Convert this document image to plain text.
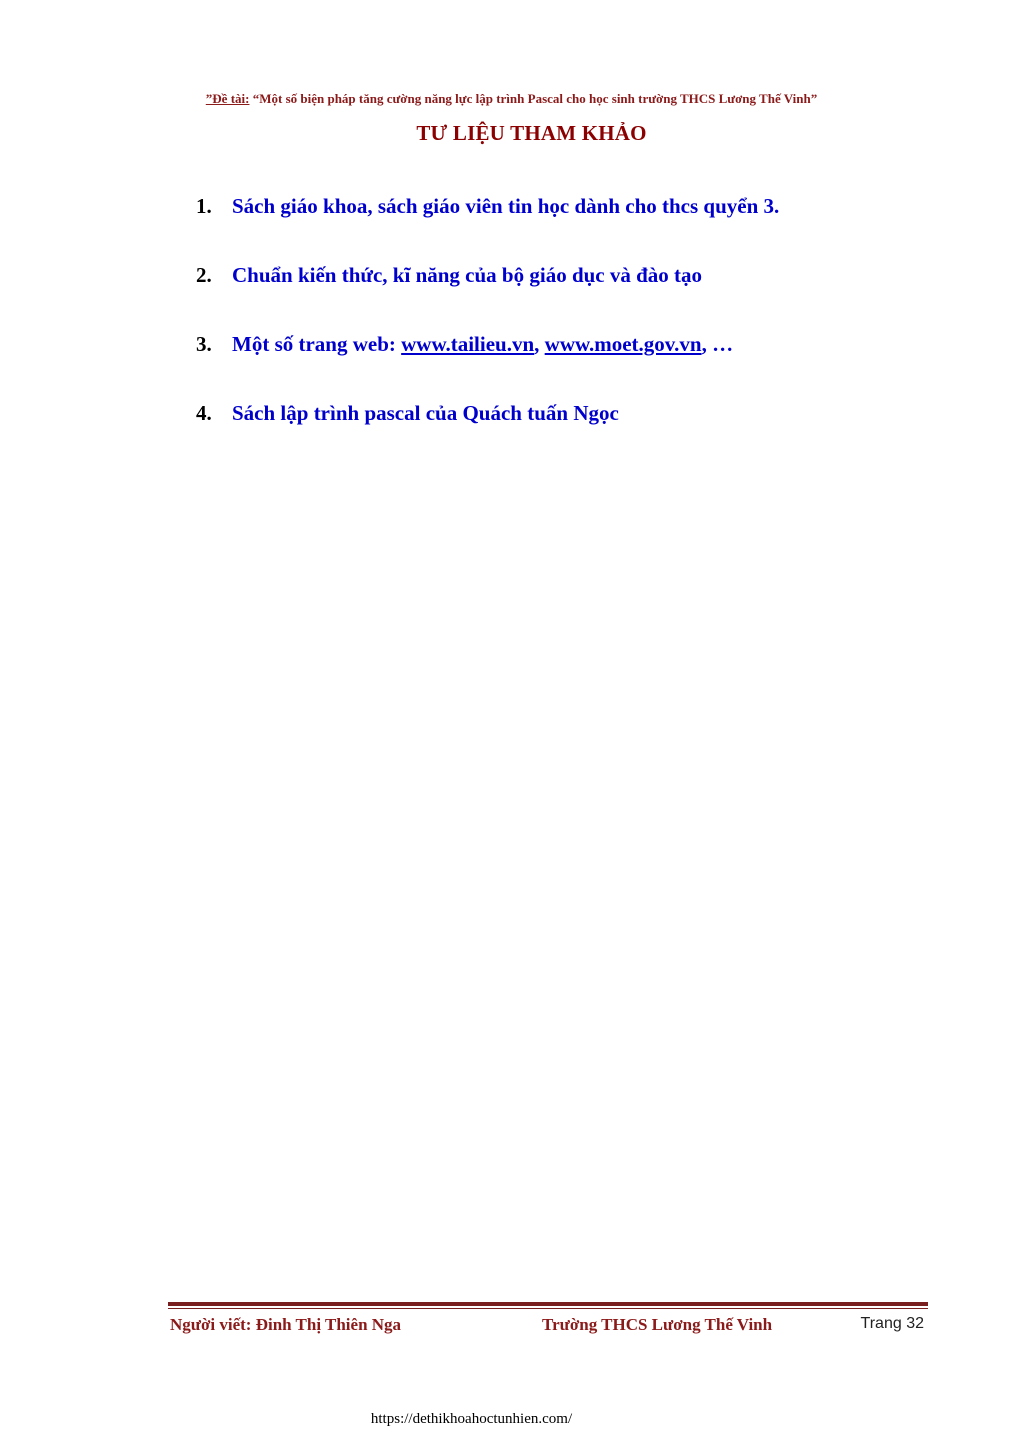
”Đề tài: “Một số biện pháp tăng cường năng lực lập trình Pascal cho học sinh trường THCS Lương Thế Vinh”
TƯ LIỆU THAM KHẢO
1. Sách giáo khoa, sách giáo viên tin học dành cho thcs quyển 3.
2. Chuẩn kiến thức, kĩ năng của bộ giáo dục và đào tạo
3. Một số trang web: www.tailieu.vn, www.moet.gov.vn, …
4. Sách lập trình pascal của Quách tuấn Ngọc
Người viết: Đinh Thị Thiên Nga	Trường THCS Lương Thế Vinh	Trang 32
https://dethikhoahoctunhien.com/
